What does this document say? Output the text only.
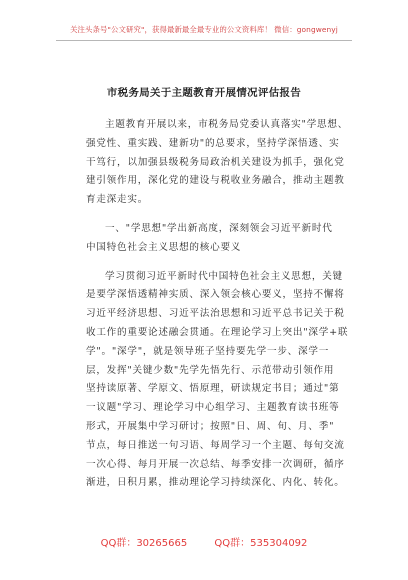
关注头条号"公文研究"，获得最新最全最专业的公文资料库！ 微信：gongwenyj
市税务局关于主题教育开展情况评估报告
主题教育开展以来，市税务局党委认真落实"学思想、
强党性、重实践、建新功"的总要求，坚持学深悟透、实
干笃行，以加强县级税务局政治机关建设为抓手，强化党
建引领作用，深化党的建设与税收业务融合，推动主题教
育走深走实。
一、"学思想"学出新高度，深刻领会习近平新时代
中国特色社会主义思想的核心要义
学习贯彻习近平新时代中国特色社会主义思想，关键
是要学深悟透精神实质、深入领会核心要义，坚持不懈将
习近平经济思想、习近平法治思想和习近平总书记关于税
收工作的重要论述融会贯通。在理论学习上突出"深学+联
学"。"深学"，就是领导班子坚持要先学一步、深学一
层，发挥"关键少数"先学先悟先行、示范带动引领作用
坚持读原著、学原文、悟原理，研读规定书目；通过"第
一议题"学习、理论学习中心组学习、主题教育读书班等
形式，开展集中学习研讨；按照"日、周、旬、月、季"
节点，每日推送一句习语、每周学习一个主题、每旬交流
一次心得、每月开展一次总结、每季安排一次调研，循序
渐进，日积月累，推动理论学习持续深化、内化、转化。
QQ群：30265665	QQ群：535304092
